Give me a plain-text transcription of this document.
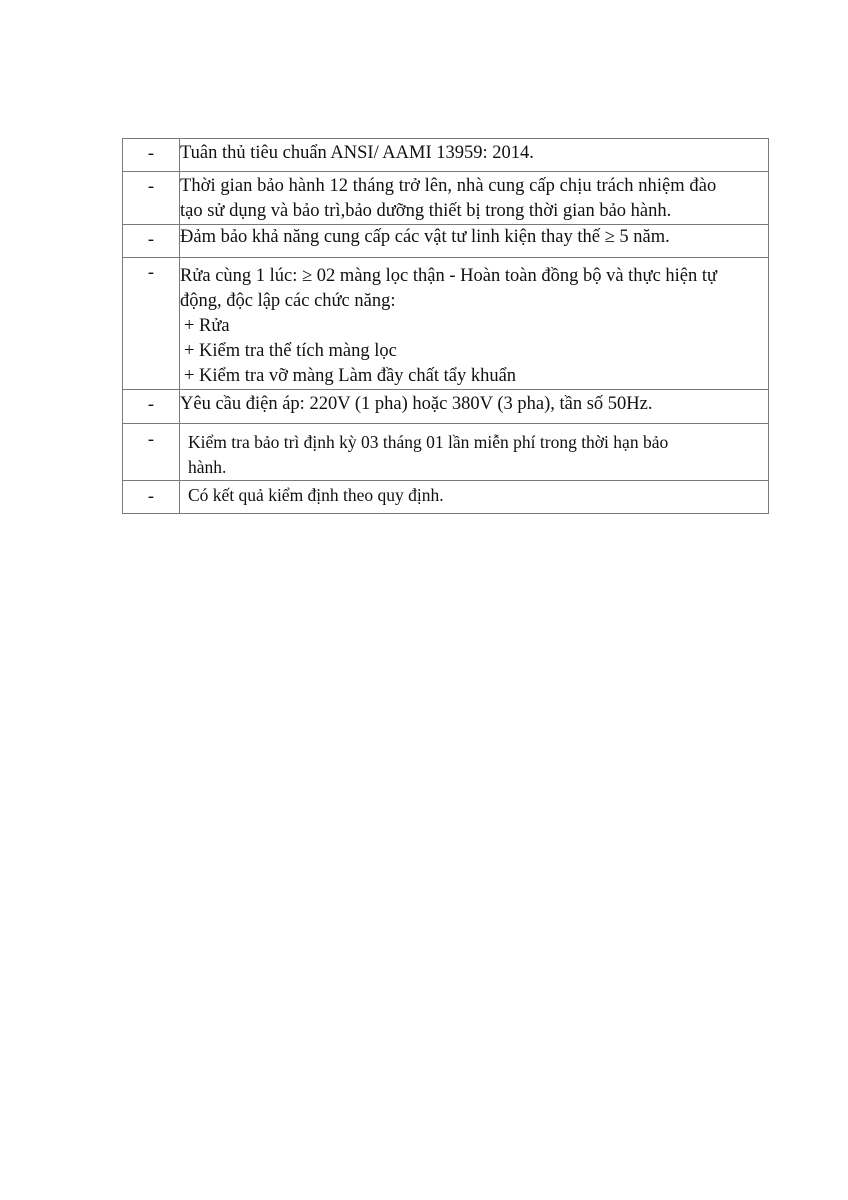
-	Tuân thủ tiêu chuẩn ANSI/ AAMI 13959: 2014.

-	Thời gian bảo hành 12 tháng trở lên, nhà cung cấp chịu trách nhiệm đào
tạo sử dụng và bảo trì,bảo dưỡng thiết bị trong thời gian bảo hành.

-	Đảm bảo khả năng cung cấp các vật tư linh kiện thay thế ≥ 5 năm.

-	Rửa cùng 1 lúc: ≥ 02 màng lọc thận - Hoàn toàn đồng bộ và thực hiện tự
động, độc lập các chức năng:
+ Rửa
+ Kiểm tra thể tích màng lọc
+ Kiểm tra vỡ màng Làm đầy chất tẩy khuẩn

-	Yêu cầu điện áp: 220V (1 pha) hoặc 380V (3 pha), tần số 50Hz.

-	Kiểm tra bảo trì định kỳ 03 tháng 01 lần miễn phí trong thời hạn bảo
hành.

-	Có kết quả kiểm định theo quy định.
